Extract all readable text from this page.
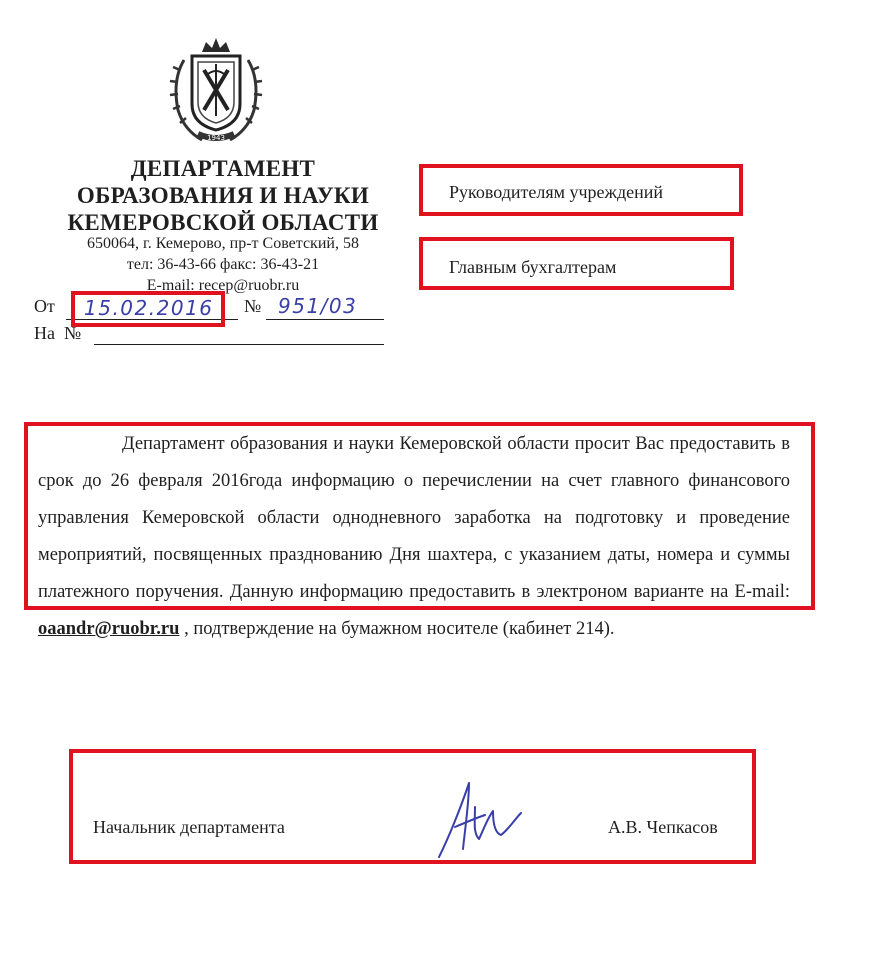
1943
ДЕПАРТАМЕНТ
ОБРАЗОВАНИЯ И НАУКИ
КЕМЕРОВСКОЙ ОБЛАСТИ
650064, г. Кемерово, пр-т Советский, 58
тел: 36-43-66 факс: 36-43-21
E-mail: recep@ruobr.ru
От 15.02.2016 № 951/03
На  №
Руководителям учреждений
Главным бухгалтерам

Департамент образования и науки Кемеровской области просит Вас предоставить в срок до 26 февраля 2016года информацию о перечислении на счет главного финансового управления Кемеровской области однодневного заработка на подготовку и проведение мероприятий, посвященных празднованию Дня шахтера, с указанием даты, номера и суммы платежного поручения. Данную информацию предоставить в электроном варианте на E-mail: oaandr@ruobr.ru , подтверждение на бумажном носителе (кабинет 214).

Начальник департамента	А.В. Чепкасов
